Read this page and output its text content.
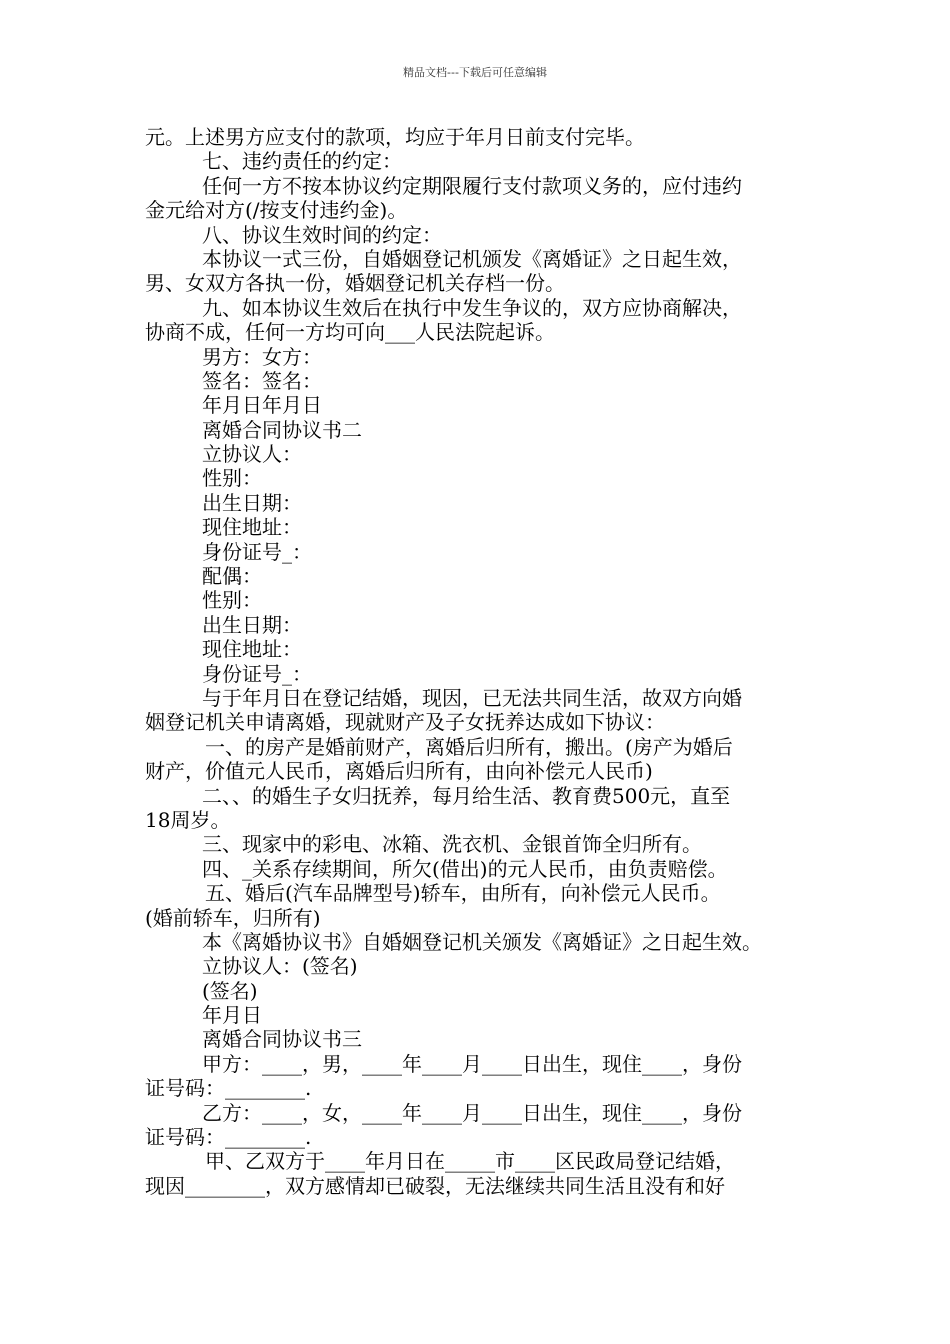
精品文档---下载后可任意编辑
元。上述男方应支付的款项，均应于年月日前支付完毕。
七、违约责任的约定：
任何一方不按本协议约定期限履行支付款项义务的，应付违约
金元给对方(/按支付违约金)。
八、协议生效时间的约定：
本协议一式三份，自婚姻登记机颁发《离婚证》之日起生效，
男、女双方各执一份，婚姻登记机关存档一份。
九、如本协议生效后在执行中发生争议的，双方应协商解决，
协商不成，任何一方均可向___人民法院起诉。
男方：女方：
签名：签名：
年月日年月日
离婚合同协议书二
立协议人：
性别：
出生日期：
现住地址：
身份证号_：
配偶：
性别：
出生日期：
现住地址：
身份证号_：
与于年月日在登记结婚，现因，已无法共同生活，故双方向婚
姻登记机关申请离婚，现就财产及子女抚养达成如下协议：
一、的房产是婚前财产，离婚后归所有，搬出。(房产为婚后
财产，价值元人民币，离婚后归所有，由向补偿元人民币)
二、、的婚生子女归抚养，每月给生活、教育费500元，直至
18周岁。
三、现家中的彩电、冰箱、洗衣机、金银首饰全归所有。
四、_关系存续期间，所欠(借出)的元人民币，由负责赔偿。
五、婚后(汽车品牌型号)轿车，由所有，向补偿元人民币。
(婚前轿车，归所有)
本《离婚协议书》自婚姻登记机关颁发《离婚证》之日起生效。
立协议人：(签名)
(签名)
年月日
离婚合同协议书三
甲方：____，男，____年____月____日出生，现住____，身份
证号码：________.
乙方：____，女，____年____月____日出生，现住____，身份
证号码：________.
甲、乙双方于____年月日在_____市____区民政局登记结婚，
现因________，双方感情却已破裂，无法继续共同生活且没有和好
